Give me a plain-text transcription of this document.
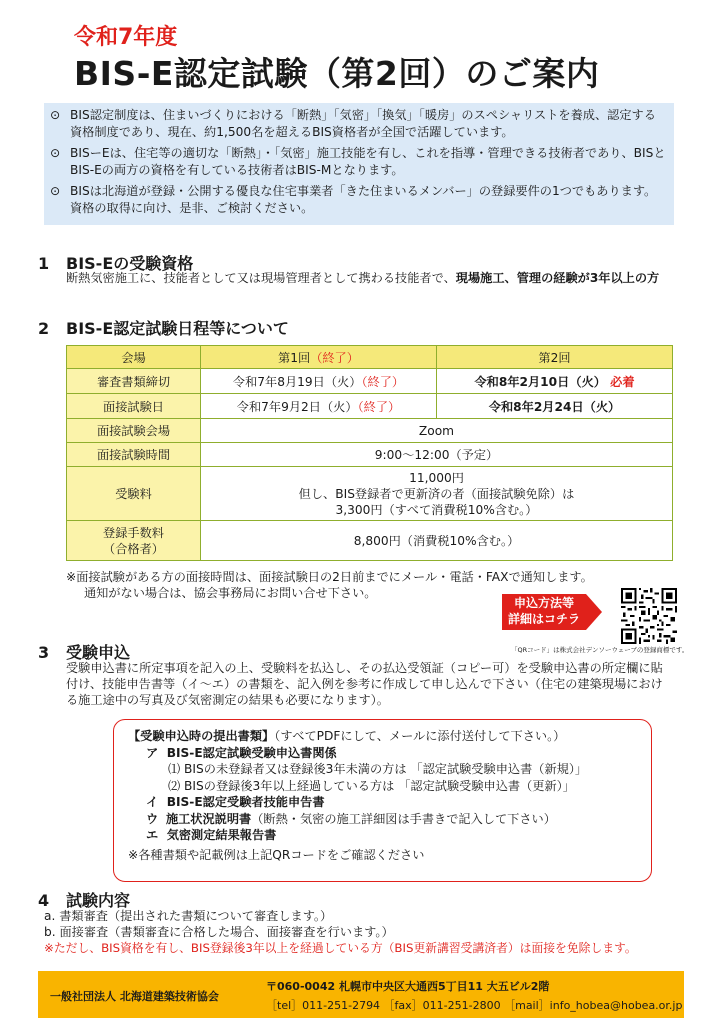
令和7年度
BIS-E認定試験（第2回）のご案内
⊙ BIS認定制度は、住まいづくりにおける「断熱」「気密」「換気」「暖房」のスペシャリストを養成、認定する資格制度であり、現在、約1,500名を超えるBIS資格者が全国で活躍しています。
⊙ BISーEは、住宅等の適切な「断熱」・「気密」施工技能を有し、これを指導・管理できる技術者であり、BISとBIS-Eの両方の資格を有している技術者はBIS-Mとなります。
⊙ BISは北海道が登録・公開する優良な住宅事業者「きた住まいるメンバー」の登録要件の1つでもあります。資格の取得に向け、是非、ご検討ください。
1 BIS-Eの受験資格
断熱気密施工に、技能者として又は現場管理者として携わる技能者で、現場施工、管理の経験が3年以上の方
2 BIS-E認定試験日程等について
会場	第1回（終了）	第2回
審査書類締切	令和7年8月19日（火）（終了）	令和8年2月10日（火） 必着
面接試験日	令和7年9月2日（火）（終了）	令和8年2月24日（火）
面接試験会場	Zoom	
面接試験時間	9:00～12:00（予定）	
受験料	11,000円
但し、BIS登録者で更新済の者（面接試験免除）は
3,300円（すべて消費税10%含む。）	

登録手数料
（合格者）	8,800円（消費税10%含む。）	
※面接試験がある方の面接時間は、面接試験日の2日前までにメール・電話・FAXで通知します。
通知がない場合は、協会事務局にお問い合せ下さい。
申込方法等
詳細はコチラ
「QRコード」は株式会社デンソーウェーブの登録商標です。
3 受験申込
受験申込書に所定事項を記入の上、受験料を払込し、その払込受領証（コピー可）を受験申込書の所定欄に貼付け、技能申告書等（イ～エ）の書類を、記入例を参考に作成して申し込んで下さい（住宅の建築現場における施工途中の写真及び気密測定の結果も必要になります）。
【受験申込時の提出書類】（すべてPDFにして、メールに添付送付して下さい。）
ア BIS-E認定試験受験申込書関係
⑴ BISの未登録者又は登録後3年未満の方は 「認定試験受験申込書（新規）」
⑵ BISの登録後3年以上経過している方は 「認定試験受験申込書（更新）」
イ BIS-E認定受験者技能申告書
ウ 施工状況説明書（断熱・気密の施工詳細図は手書きで記入して下さい）
エ 気密測定結果報告書
※各種書類や記載例は上記QRコードをご確認ください
4 試験内容
a. 書類審査（提出された書類について審査します。）
b. 面接審査（書類審査に合格した場合、面接審査を行います。）
※ただし、BIS資格を有し、BIS登録後3年以上を経過している方（BIS更新講習受講済者）は面接を免除します。
一般社団法人 北海道建築技術協会
〒060-0042 札幌市中央区大通西5丁目11 大五ビル2階
［tel］011-251-2794 ［fax］011-251-2800 ［mail］info_hobea@hobea.or.jp
